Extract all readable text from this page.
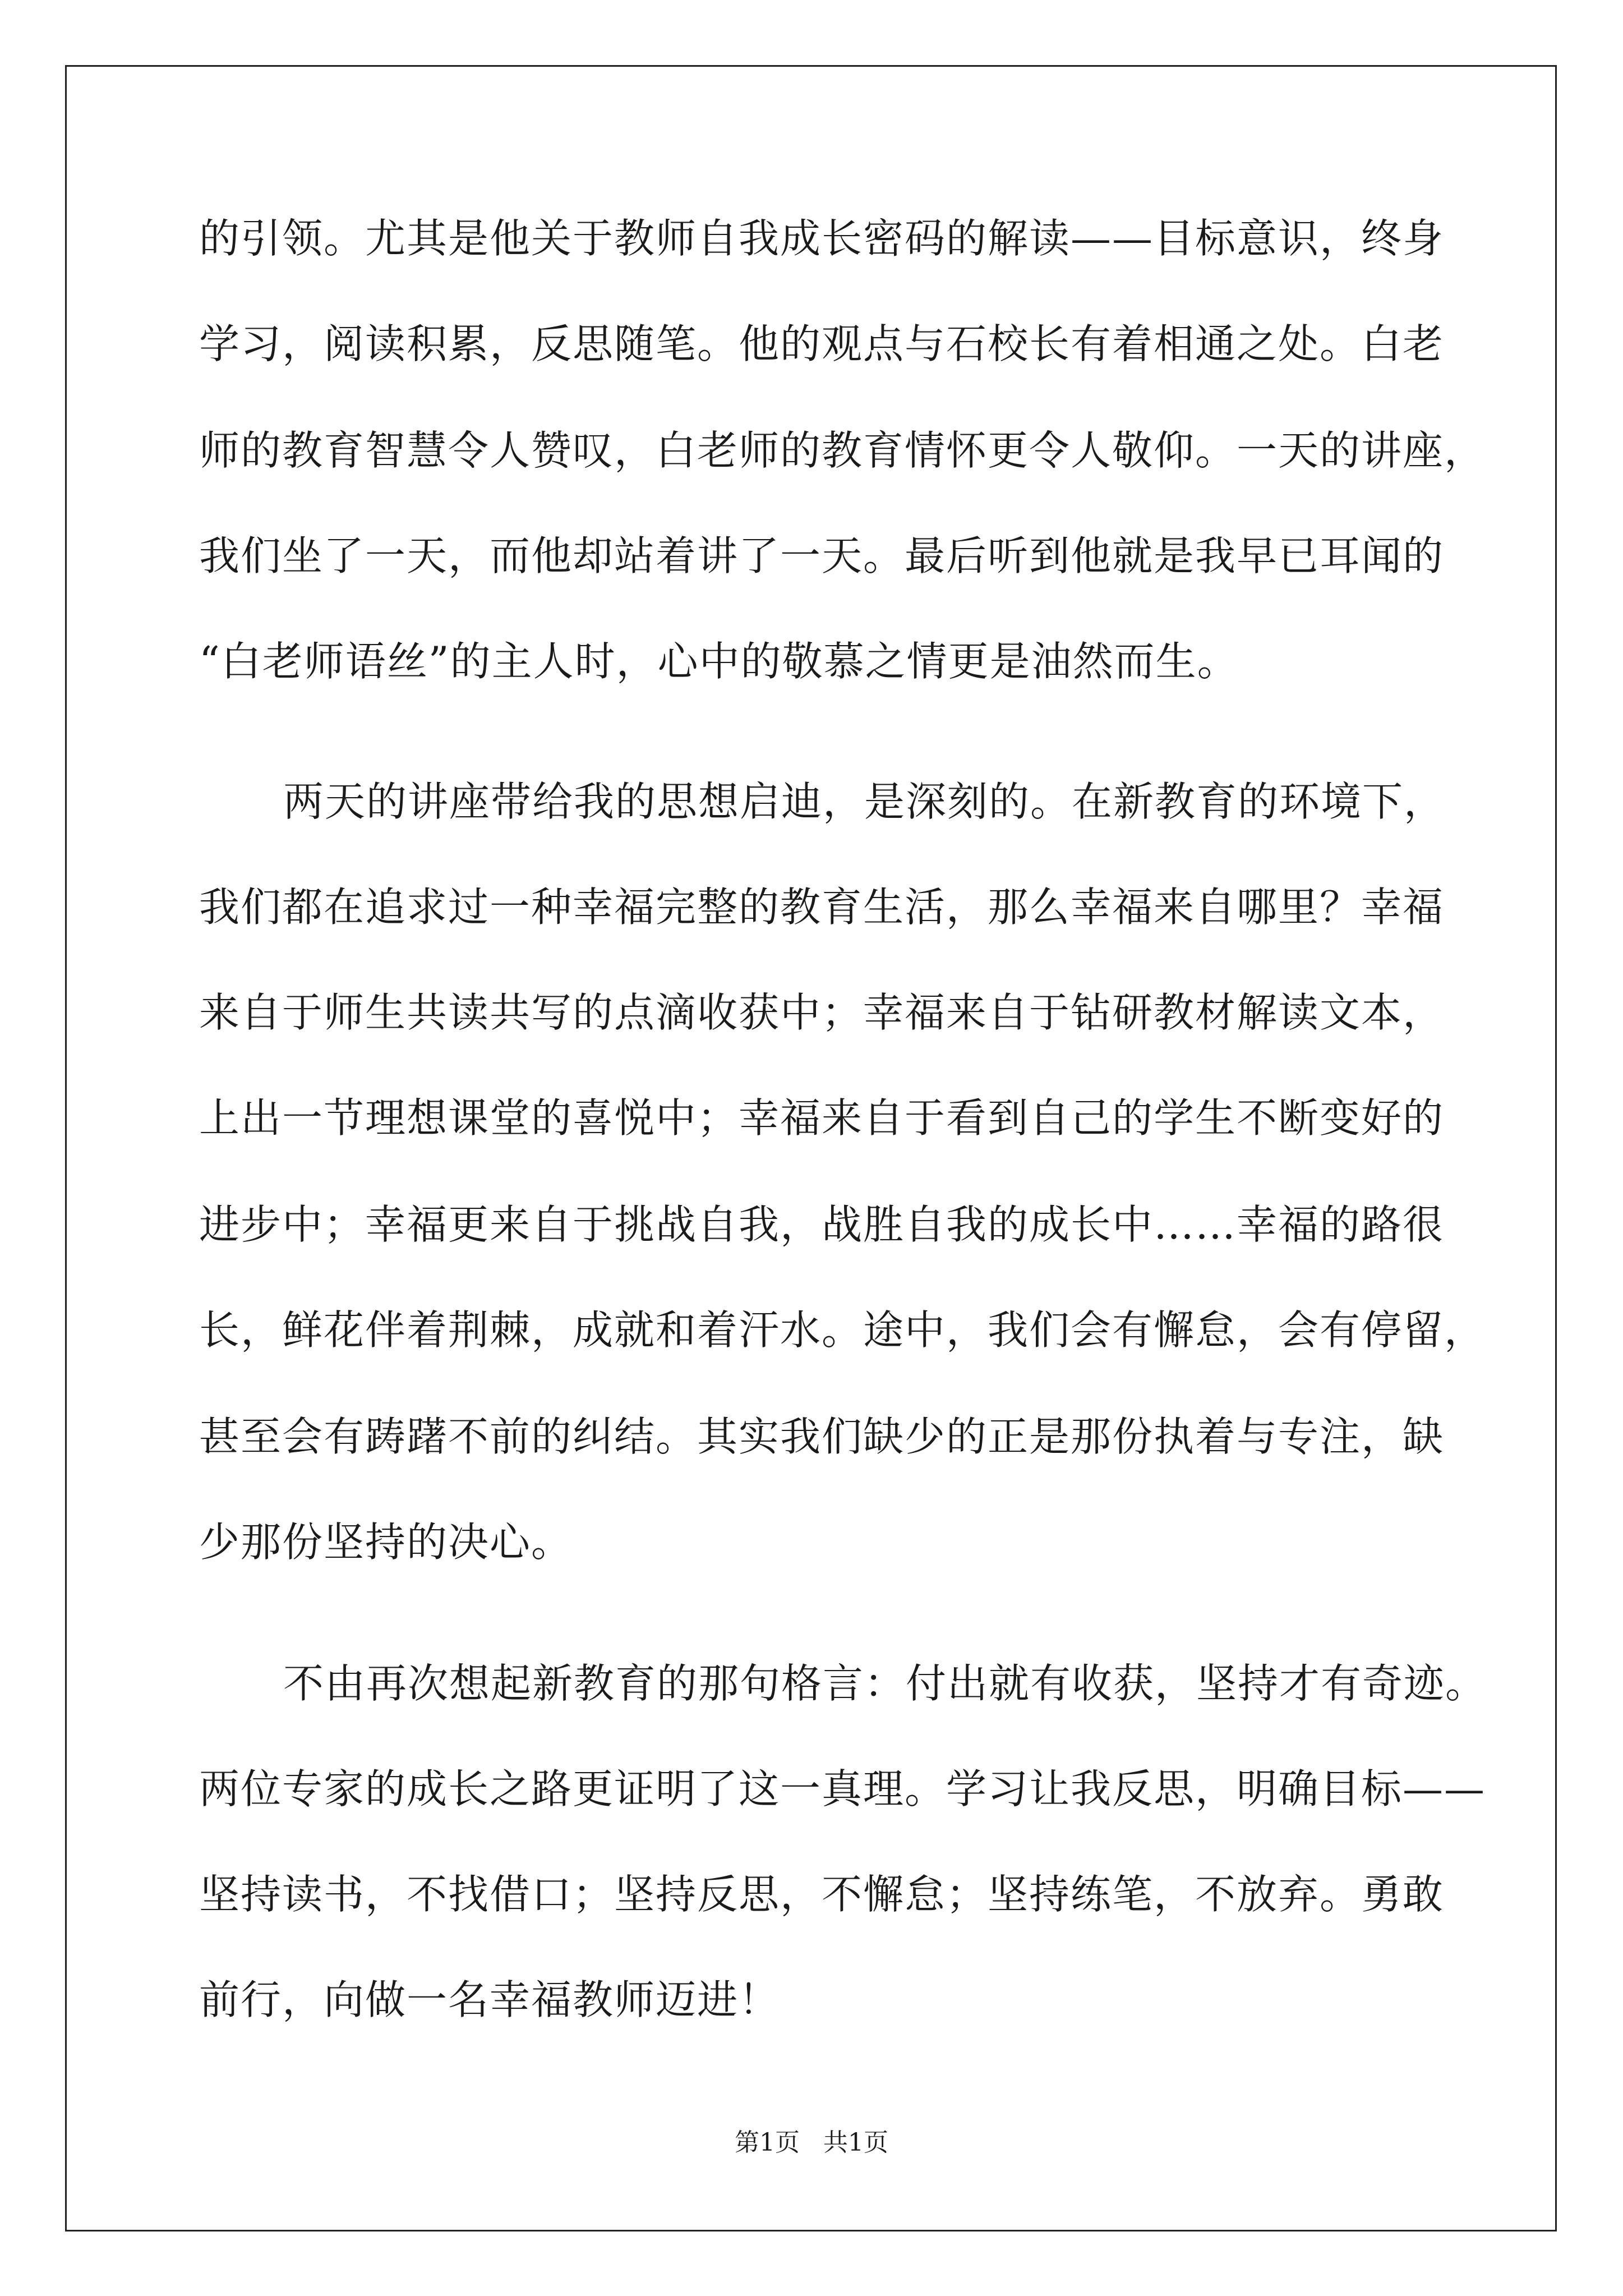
的引领。尤其是他关于教师自我成长密码的解读——目标意识，终身
学习，阅读积累，反思随笔。他的观点与石校长有着相通之处。白老
师的教育智慧令人赞叹，白老师的教育情怀更令人敬仰。一天的讲座，
我们坐了一天，而他却站着讲了一天。最后听到他就是我早已耳闻的
“白老师语丝”的主人时，心中的敬慕之情更是油然而生。
两天的讲座带给我的思想启迪，是深刻的。在新教育的环境下，
我们都在追求过一种幸福完整的教育生活，那么幸福来自哪里？幸福
来自于师生共读共写的点滴收获中；幸福来自于钻研教材解读文本，
上出一节理想课堂的喜悦中；幸福来自于看到自己的学生不断变好的
进步中；幸福更来自于挑战自我，战胜自我的成长中……幸福的路很
长，鲜花伴着荆棘，成就和着汗水。途中，我们会有懈怠，会有停留，
甚至会有踌躇不前的纠结。其实我们缺少的正是那份执着与专注，缺
少那份坚持的决心。
不由再次想起新教育的那句格言：付出就有收获，坚持才有奇迹。
两位专家的成长之路更证明了这一真理。学习让我反思，明确目标——
坚持读书，不找借口；坚持反思，不懈怠；坚持练笔，不放弃。勇敢
前行，向做一名幸福教师迈进！
第1页   共1页
